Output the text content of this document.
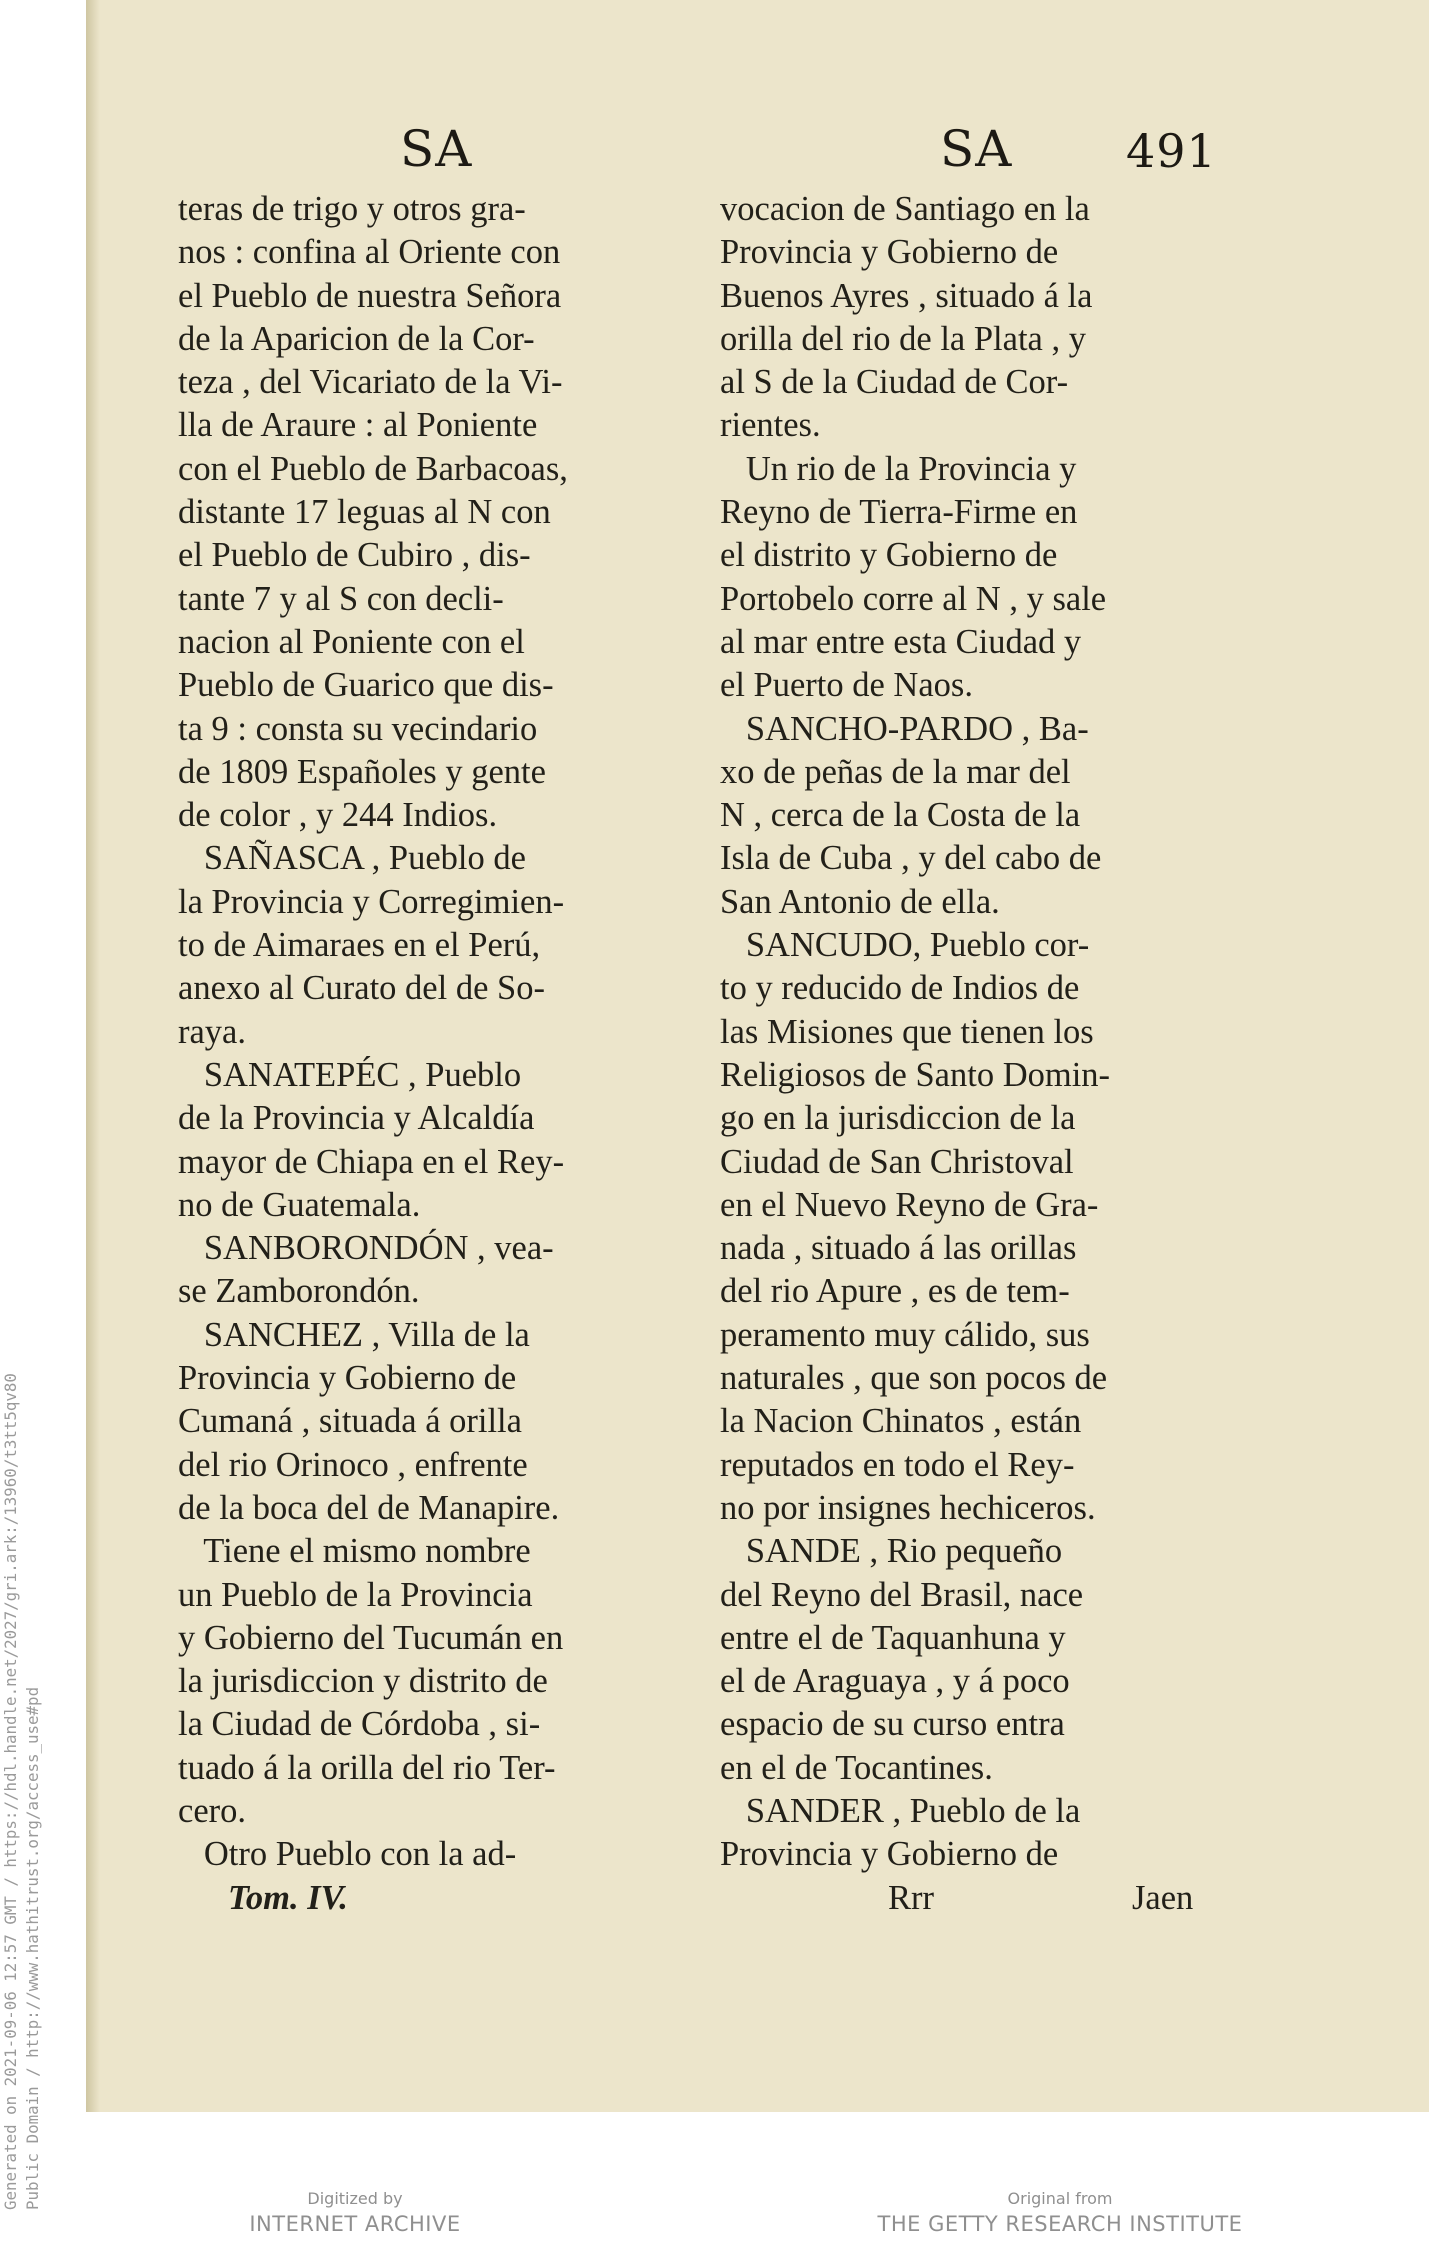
SA	SA 491
teras de trigo y otros gra-
nos : confina al Oriente con
el Pueblo de nuestra Señora
de la Aparicion de la Cor-
teza , del Vicariato de la Vi-
lla de Araure : al Poniente
con el Pueblo de Barbacoas,
distante 17 leguas al N con
el Pueblo de Cubiro , dis-
tante 7 y al S con decli-
nacion al Poniente con el
Pueblo de Guarico que dis-
ta 9 : consta su vecindario
de 1809 Españoles y gente
de color , y 244 Indios.
SAÑASCA , Pueblo de
la Provincia y Corregimien-
to de Aimaraes en el Perú,
anexo al Curato del de So-
raya.
SANATEPÉC , Pueblo
de la Provincia y Alcaldía
mayor de Chiapa en el Rey-
no de Guatemala.
SANBORONDÓN , vea-
se Zamborondón.
SANCHEZ , Villa de la
Provincia y Gobierno de
Cumaná , situada á orilla
del rio Orinoco , enfrente
de la boca del de Manapire.
Tiene el mismo nombre
un Pueblo de la Provincia
y Gobierno del Tucumán en
la jurisdiccion y distrito de
la Ciudad de Córdoba , si-
tuado á la orilla del rio Ter-
cero.
Otro Pueblo con la ad-
Tom. IV.
vocacion de Santiago en la
Provincia y Gobierno de
Buenos Ayres , situado á la
orilla del rio de la Plata , y
al S de la Ciudad de Cor-
rientes.
Un rio de la Provincia y
Reyno de Tierra-Firme en
el distrito y Gobierno de
Portobelo corre al N , y sale
al mar entre esta Ciudad y
el Puerto de Naos.
SANCHO-PARDO , Ba-
xo de peñas de la mar del
N , cerca de la Costa de la
Isla de Cuba , y del cabo de
San Antonio de ella.
SANCUDO, Pueblo cor-
to y reducido de Indios de
las Misiones que tienen los
Religiosos de Santo Domin-
go en la jurisdiccion de la
Ciudad de San Christoval
en el Nuevo Reyno de Gra-
nada , situado á las orillas
del rio Apure , es de tem-
peramento muy cálido, sus
naturales , que son pocos de
la Nacion Chinatos , están
reputados en todo el Rey-
no por insignes hechiceros.
SANDE , Rio pequeño
del Reyno del Brasil, nace
entre el de Taquanhuna y
el de Araguaya , y á poco
espacio de su curso entra
en el de Tocantines.
SANDER , Pueblo de la
Provincia y Gobierno de
Rrr	Jaen
Generated on 2021-09-06 12:57 GMT / https://hdl.handle.net/2027/gri.ark:/13960/t3tt5qv80 Public Domain / http://www.hathitrust.org/access_use#pd	Digitized by
INTERNET ARCHIVE
Original from
THE GETTY RESEARCH INSTITUTE
